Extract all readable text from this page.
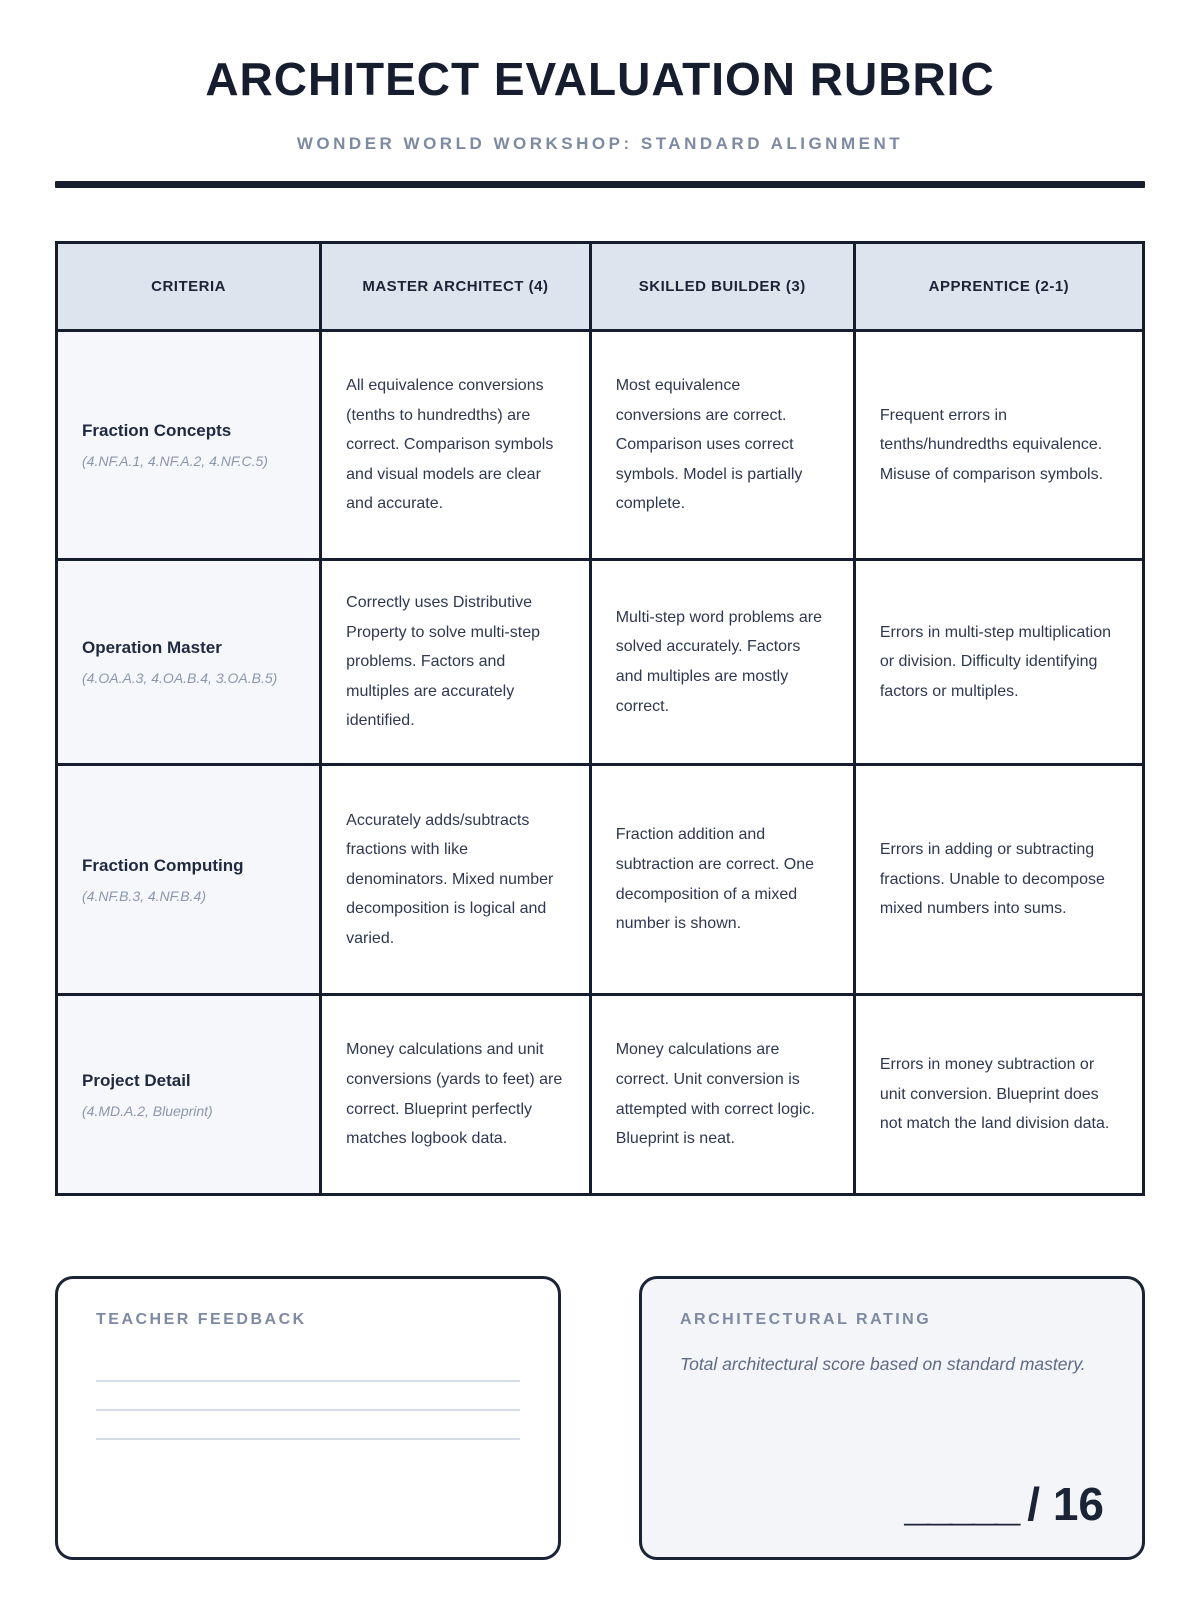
ARCHITECT EVALUATION RUBRIC
WONDER WORLD WORKSHOP: STANDARD ALIGNMENT
CRITERIA	MASTER ARCHITECT (4)	SKILLED BUILDER (3)	APPRENTICE (2-1)

Fraction Concepts
(4.NF.A.1, 4.NF.A.2, 4.NF.C.5)	All equivalence conversions (tenths to hundredths) are correct. Comparison symbols and visual models are clear and accurate.	Most equivalence conversions are correct. Comparison uses correct symbols. Model is partially complete.	Frequent errors in tenths/hundredths equivalence. Misuse of comparison symbols.

Operation Master
(4.OA.A.3, 4.OA.B.4, 3.OA.B.5)	Correctly uses Distributive Property to solve multi-step problems. Factors and multiples are accurately identified.	Multi-step word problems are solved accurately. Factors and multiples are mostly correct.	Errors in multi-step multiplication or division. Difficulty identifying factors or multiples.

Fraction Computing
(4.NF.B.3, 4.NF.B.4)	Accurately adds/subtracts fractions with like denominators. Mixed number decomposition is logical and varied.	Fraction addition and subtraction are correct. One decomposition of a mixed number is shown.	Errors in adding or subtracting fractions. Unable to decompose mixed numbers into sums.

Project Detail
(4.MD.A.2, Blueprint)	Money calculations and unit conversions (yards to feet) are correct. Blueprint perfectly matches logbook data.	Money calculations are correct. Unit conversion is attempted with correct logic. Blueprint is neat.	Errors in money subtraction or unit conversion. Blueprint does not match the land division data.
TEACHER FEEDBACK	ARCHITECTURAL RATING
Total architectural score based on standard mastery.
_____ / 16
